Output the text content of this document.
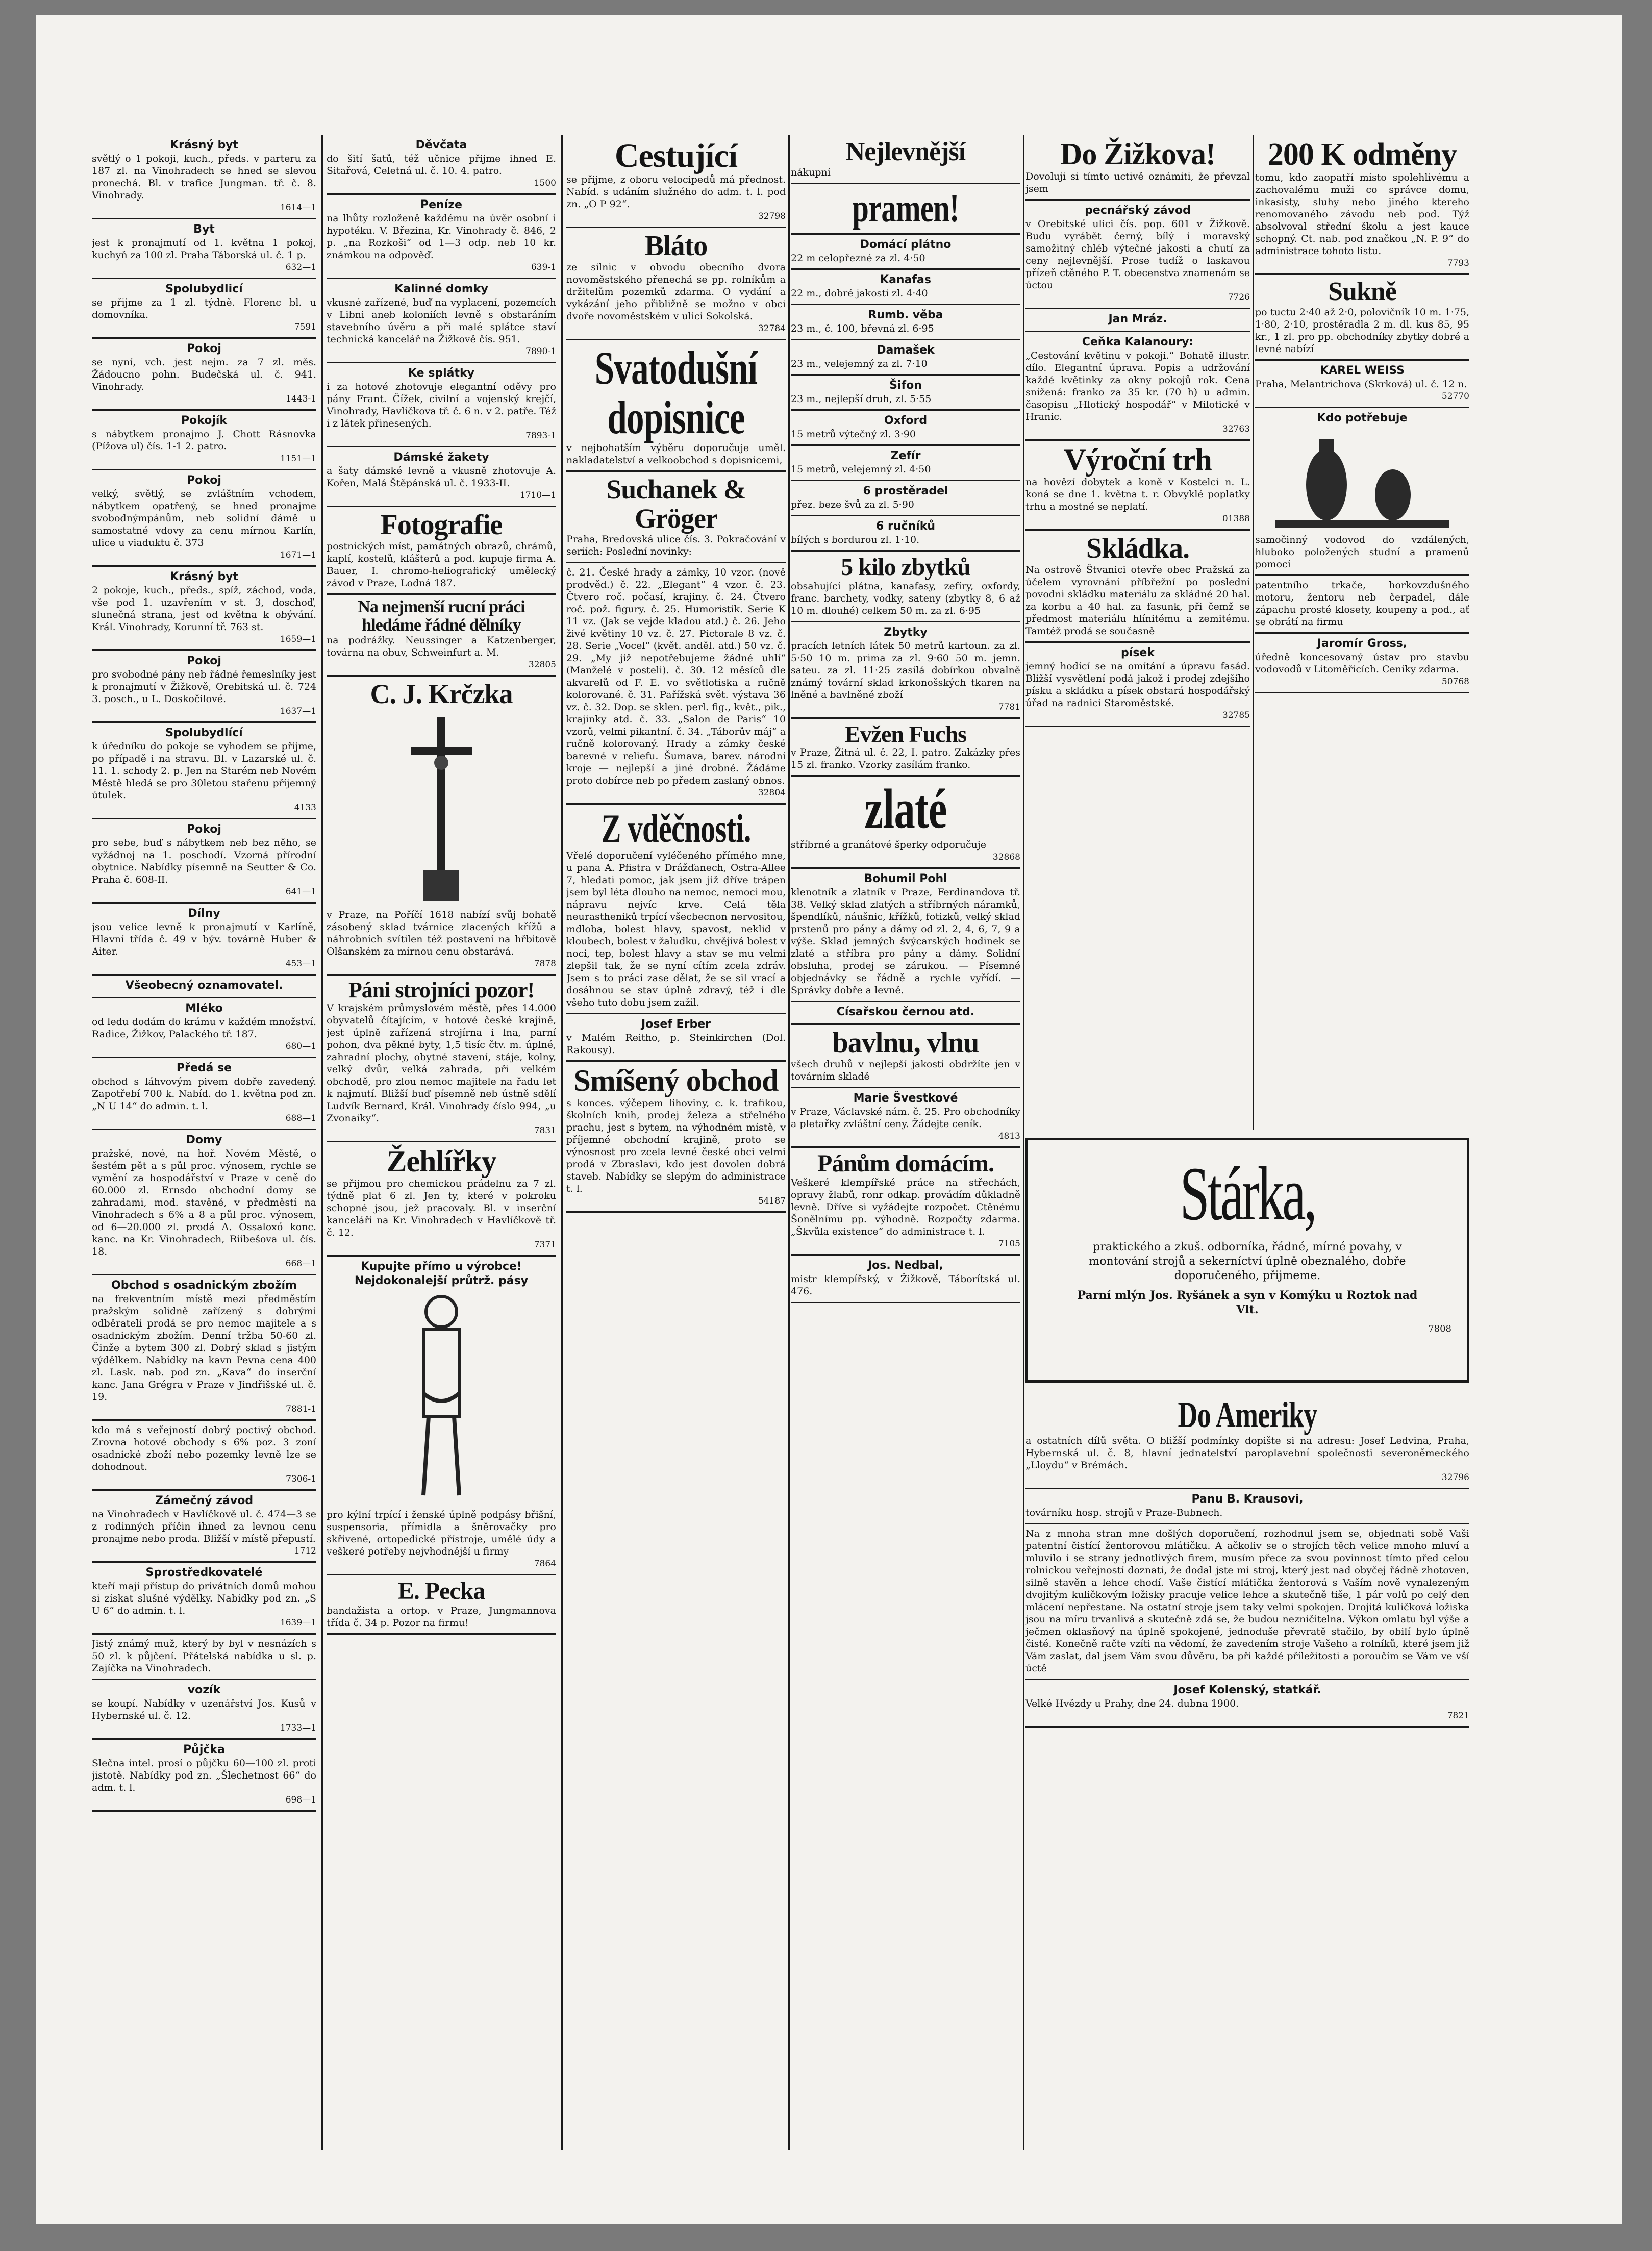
Krásný byt

světlý o 1 pokoji, kuch., předs. v parteru za 187 zl. na Vinohradech se hned se slevou pronechá. Bl. v trafice Jungman. tř. č. 8. Vinohrady.

1614—1
Byt

jest k pronajmutí od 1. května 1 pokoj, kuchyň za 100 zl. Praha Táborská ul. č. 1 p.

632—1
Spolubydlicí

se přijme za 1 zl. týdně. Florenc bl. u domovníka.

7591
Pokoj

se nyní, vch. jest nejm. za 7 zl. měs. Žádoucno pohn. Budečská ul. č. 941. Vinohrady.

1443-1
Pokojík

s nábytkem pronajmo J. Chott Rásnovka (Pížova ul) čís. 1-1 2. patro.

1151—1
Pokoj

velký, světlý, se zvláštním vchodem, nábytkem opatřený, se hned pronajme svobodnýmpánům, neb solidní dámě u samostatné vdovy za cenu mírnou Karlín, ulice u viaduktu č. 373

1671—1
Krásný byt

2 pokoje, kuch., předs., spíž, záchod, voda, vše pod 1. uzavřením v st. 3, doschoď, slunečná strana, jest od května k obývání. Král. Vinohrady, Korunní tř. 763 st.

1659—1
Pokoj

pro svobodné pány neb řádné řemeslníky jest k pronajmutí v Žižkově, Orebitská ul. č. 724 3. posch., u L. Doskočilové.

1637—1
Spolubydlící

k úředníku do pokoje se vyhodem se přijme, po případě i na stravu. Bl. v Lazarské ul. č. 11. 1. schody 2. p. Jen na Starém neb Novém Městě hledá se pro 30letou stařenu příjemný útulek.

4133
Pokoj

pro sebe, buď s nábytkem neb bez něho, se vyžádnoj na 1. poschodí. Vzorná přírodní obytnice. Nabídky písemně na Seutter & Co. Praha č. 608-II.

641—1
Dílny

jsou velice levně k pronajmutí v Karlíně, Hlavní třída č. 49 v býv. továrně Huber & Aiter.

453—1
Všeobecný oznamovatel.
Mléko

od ledu dodám do krámu v každém množství. Radice, Žižkov, Palackého tř. 187.

680—1
Předá se

obchod s láhvovým pivem dobře zavedený. Zapotřebí 700 k. Nabíd. do 1. května pod zn. „N U 14“ do admin. t. l.

688—1
Domy

pražské, nové, na hoř. Novém Městě, o šestém pět a s půl proc. výnosem, rychle se vymění za hospodářství v Praze v ceně do 60.000 zl. Ernsdo obchodní domy se zahradami, mod. stavěné, v předměstí na Vinohradech s 6% a 8 a půl proc. výnosem, od 6—20.000 zl. prodá A. Ossaloxó konc. kanc. na Kr. Vinohradech, Riibešova ul. čís. 18.

668—1
Obchod s osadnickým zbožím

na frekventním místě mezi předměstím pražským solidně zařízený s dobrými odběrateli prodá se pro nemoc majitele a s osadnickým zbožím. Denní tržba 50-60 zl. Činže a bytem 300 zl. Dobrý sklad s jistým výdělkem. Nabídky na kavn Pevna cena 400 zl. Lask. nab. pod zn. „Kava“ do inserční kanc. Jana Grégra v Praze v Jindřišské ul. č. 19.

7881-1

kdo má s veřejností dobrý poctivý obchod. Zrovna hotové obchody s 6% poz. 3 zoní osadnické zboží nebo pozemky levně lze se dohodnout.

7306-1
Zámečný závod

na Vinohradech v Havlíčkově ul. č. 474—3 se z rodinných příčin ihned za levnou cenu pronajme nebo proda. Bližší v místě přepustí.

1712
Sprostředkovatelé

kteří mají přístup do privátních domů mohou si získat slušné výdělky. Nabídky pod zn. „S U 6“ do admin. t. l.

1639—1

Jistý známý muž, který by byl v nesnázích s 50 zl. k půjčení. Přátelská nabídka u sl. p. Zajíčka na Vinohradech.

vozík

se koupí. Nabídky v uzenářství Jos. Kusů v Hybernské ul. č. 12.

1733—1
Půjčka

Slečna intel. prosí o půjčku 60—100 zl. proti jistotě. Nabídky pod zn. „Šlechetnost 66“ do adm. t. l.

698—1
Děvčata

do šití šatů, též učnice přijme ihned E. Sitařová, Celetná ul. č. 10. 4. patro.

1500
Peníze

na lhůty rozloženě každému na úvěr osobní i hypotéku. V. Březina, Kr. Vinohrady č. 846, 2 p. „na Rozkoši“ od 1—3 odp. neb 10 kr. známkou na odpověď.

639-1
Kalinné domky

vkusné zařízené, buď na vyplacení, pozemcích v Libni aneb koloniích levně s obstaráním stavebního úvěru a při malé splátce staví technická kancelář na Žižkově čís. 951.

7890-1
Ke splátky

i za hotové zhotovuje elegantní oděvy pro pány Frant. Čížek, civilní a vojenský krejčí, Vinohrady, Havlíčkova tř. č. 6 n. v 2. patře. Též i z látek přinesených.

7893-1
Dámské žakety

a šaty dámské levně a vkusně zhotovuje A. Kořen, Malá Štěpánská ul. č. 1933-II.

1710—1
Fotografie

postnických míst, památných obrazů, chrámů, kaplí, kostelů, klášterů a pod. kupuje firma A. Bauer, I. chromo-heliografický umělecký závod v Praze, Lodná 187.

Na nejmenší rucní práci hledáme řádné dělníky

na podrážky. Neussinger a Katzenberger, továrna na obuv, Schweinfurt a. M.

32805
C. J. Krčzka

v Praze, na Poříčí 1618 nabízí svůj bohatě zásobený sklad tvárnice zlacených křížů a náhrobních svítilen též postavení na hřbitově Olšanském za mírnou cenu obstarává.

7878
Páni strojníci pozor!

V krajském průmyslovém městě, přes 14.000 obyvatelů čítajícím, v hotové české krajině, jest úplně zařízená strojírna i lna, parní pohon, dva pěkné byty, 1,5 tisíc čtv. m. úplné, zahradní plochy, obytné stavení, stáje, kolny, velký dvůr, velká zahrada, při velkém obchodě, pro zlou nemoc majitele na řadu let k najmutí. Bližší buď písemně neb ústně sdělí Ludvík Bernard, Král. Vinohrady číslo 994, „u Zvonaiky“.

7831
Žehlířky

se přijmou pro chemickou prádelnu za 7 zl. týdně plat 6 zl. Jen ty, které v pokroku schopné jsou, jež pracovaly. Bl. v inserční kanceláři na Kr. Vinohradech v Havlíčkově tř. č. 12.

7371
Kupujte přímo u výrobce! Nejdokonalejší průtrž. pásy

pro kýlní trpící i ženské úplně podpásy břišní, suspensoria, přímidla a šněrovačky pro skřivené, ortopedické přístroje, umělé údy a veškeré potřeby nejvhodnější u firmy

7864
E. Pecka

bandažista a ortop. v Praze, Jungmannova třída č. 34 p. Pozor na firmu!

Cestující

se přijme, z oboru velocipedů má přednost. Nabíd. s udáním služného do adm. t. l. pod zn. „O P 92“.

32798
Bláto

ze silnic v obvodu obecního dvora novoměstského přenechá se pp. rolníkům a držitelům pozemků zdarma. O vydání a vykázání jeho přibližně se možno v obci dvoře novoměstském v ulici Sokolská.

32784
Svatodušní dopisnice

v nejbohatším výběru doporučuje uměl. nakladatelství a velkoobchod s dopisnicemi,

Suchanek & Gröger

Praha, Bredovská ulice čís. 3. Pokračování v seriích: Poslední novinky:

č. 21. České hrady a zámky, 10 vzor. (nově prodvěd.) č. 22. „Elegant“ 4 vzor. č. 23. Čtvero roč. počasí, krajiny. č. 24. Čtvero roč. pož. figury. č. 25. Humoristik. Serie K 11 vz. (Jak se vejde kladou atd.) č. 26. Jeho živé květiny 10 vz. č. 27. Pictorale 8 vz. č. 28. Serie „Vocel“ (květ. anděl. atd.) 50 vz. č. 29. „My již nepotřebujeme žádné uhlí“ (Manželé v posteli). č. 30. 12 měsíců dle akvarelů od F. E. vo světlotiska a ručně kolorované. č. 31. Pařížská svět. výstava 36 vz. č. 32. Dop. se sklen. perl. fig., květ., pik., krajinky atd. č. 33. „Salon de Paris“ 10 vzorů, velmi pikantní. č. 34. „Táborův máj“ a ručně kolorovaný. Hrady a zámky české barevné v reliefu. Šumava, barev. národní kroje — nejlepší a jiné drobné. Žádáme proto dobírce neb po předem zaslaný obnos.

32804
Z vděčnosti.

Vřelé doporučení vyléčeného přímého mne, u pana A. Pfistra v Drážďanech, Ostra-Allee 7, hledati pomoc, jak jsem již dříve trápen jsem byl léta dlouho na nemoc, nemoci mou, nápravu nejvíc krve. Celá těla neurastheniků trpící všecbecnon nervositou, mdloba, bolest hlavy, spavost, neklid v kloubech, bolest v žaludku, chvějivá bolest v noci, tep, bolest hlavy a stav se mu velmi zlepšil tak, že se nyní cítím zcela zdráv. Jsem s to práci zase dělat, že se sil vrací a dosáhnou se stav úplně zdravý, též i dle všeho tuto dobu jsem zažil.

Josef Erber

v Malém Reitho, p. Steinkirchen (Dol. Rakousy).

Smíšený obchod

s konces. výčepem lihoviny, c. k. trafikou, školních knih, prodej železa a střelného prachu, jest s bytem, na výhodném místě, v příjemné obchodní krajině, proto se výnosnost pro zcela levné české obci velmi prodá v Zbraslavi, kdo jest dovolen dobrá staveb. Nabídky se slepým do administrace t. l.

54187
Nejlevnější

nákupní

pramen!
Domácí plátno

22 m celopřezné za zl. 4·50

Kanafas

22 m., dobré jakosti zl. 4·40

Rumb. věba

23 m., č. 100, břevná zl. 6·95

Damašek

23 m., velejemný za zl. 7·10

Šifon

23 m., nejlepší druh, zl. 5·55

Oxford

15 metrů výtečný zl. 3·90

Zefír

15 metrů, velejemný zl. 4·50

6 prostěradel

přez. beze švů za zl. 5·90

6 ručníků

bílých s bordurou zl. 1·10.

5 kilo zbytků

obsahující plátna, kanafasy, zefíry, oxfordy, franc. barchety, vodky, sateny (zbytky 8, 6 až 10 m. dlouhé) celkem 50 m. za zl. 6·95

Zbytky

pracích letních látek 50 metrů kartoun. za zl. 5·50 10 m. prima za zl. 9·60 50 m. jemn. sateu. za zl. 11·25 zasílá dobírkou obvalně známý tovární sklad krkonošských tkaren na lněné a bavlněné zboží

7781
Evžen Fuchs

v Praze, Žitná ul. č. 22, I. patro. Zakázky přes 15 zl. franko. Vzorky zasílám franko.

zlaté

stříbrné a granátové šperky odporučuje

32868
Bohumil Pohl

klenotník a zlatník v Praze, Ferdinandova tř. 38. Velký sklad zlatých a stříbrných náramků, špendlíků, náušnic, křížků, fotizků, velký sklad prstenů pro pány a dámy od zl. 2, 4, 6, 7, 9 a výše. Sklad jemných švýcarských hodinek se zlaté a stříbra pro pány a dámy. Solidní obsluha, prodej se zárukou. — Písemné objednávky se řádně a rychle vyřídí. — Správky dobře a levně.

Císařskou černou atd.
bavlnu, vlnu

všech druhů v nejlepší jakosti obdržíte jen v továrním skladě

Marie Švestkové

v Praze, Václavské nám. č. 25. Pro obchodníky a pletařky zvláštní ceny. Žádejte ceník.

4813
Pánům domácím.

Veškeré klempířské práce na střechách, opravy žlabů, ronr odkap. provádím důkladně levně. Dříve si vyžádejte rozpočet. Ctěnému Šonělnímu pp. výhodně. Rozpočty zdarma. „Škvůla existence“ do administrace t. l.

7105
Jos. Nedbal,

mistr klempířský, v Žižkově, Táborítská ul. 476.

Do Žižkova!

Dovoluji si tímto uctivě oznámiti, že převzal jsem

pecnářský závod

v Orebitské ulici čís. pop. 601 v Žižkově. Budu vyrábět černý, bílý i moravský samožitný chléb výtečné jakosti a chutí za ceny nejlevnější. Prose tudíž o laskavou přízeň ctěného P. T. obecenstva znamenám se úctou

7726
Jan Mráz.
Ceňka Kalanoury:

„Cestování květinu v pokoji.“ Bohatě illustr. dílo. Elegantní úprava. Popis a udržování každé květinky za okny pokojů rok. Cena snížená: franko za 35 kr. (70 h) u admin. časopisu „Hlotický hospodář“ v Milotické v Hranic.

32763
Výroční trh

na hovězí dobytek a koně v Kostelci n. L. koná se dne 1. května t. r. Obvyklé poplatky trhu a mostné se neplatí.

01388
Skládka.

Na ostrově Štvanici otevře obec Pražská za účelem vyrovnání příbřežní po poslední povodni skládku materiálu za skládné 20 hal. za korbu a 40 hal. za fasunk, při čemž se předmost materiálu hlínitému a zemitému. Tamtéž prodá se současně

písek

jemný hodící se na omítání a úpravu fasád. Bližší vysvětlení podá jakož i prodej zdejšího písku a skládku a písek obstará hospodářský úřad na radnici Staroměstské.

32785
200 K odměny

tomu, kdo zaopatří místo spolehlivému a zachovalému muži co správce domu, inkasisty, sluhy nebo jiného ktereho renomovaného závodu neb pod. Týž absolvoval střední školu a jest kauce schopný. Ct. nab. pod značkou „N. P. 9“ do administrace tohoto listu.

7793
Sukně

po tuctu 2·40 až 2·0, polovičník 10 m. 1·75, 1·80, 2·10, prostěradla 2 m. dl. kus 85, 95 kr., 1 zl. pro pp. obchodníky zbytky dobré a levné nabízí

KAREL WEISS

Praha, Melantrichova (Skrková) ul. č. 12 n.

52770
Kdo potřebuje

samočinný vodovod do vzdálených, hluboko položených studní a pramenů pomocí

patentního trkače, horkovzdušného motoru, žentoru neb čerpadel, dále zápachu prosté klosety, koupeny a pod., ať se obrátí na firmu

Jaromír Gross,

úředně koncesovaný ústav pro stavbu vodovodů v Litoměřicích. Ceníky zdarma.

50768
Stárka,

praktického a zkuš. odborníka, řádné, mírné povahy, v montování strojů a sekerníctví úplně obeznalého, dobře doporučeného, přijmeme.

Parní mlýn Jos. Ryšánek a syn v Komýku u Roztok nad Vlt.

7808
Do Ameriky

a ostatních dílů světa. O bližší podmínky dopište si na adresu: Josef Ledvina, Praha, Hybernská ul. č. 8, hlavní jednatelství paroplavební společnosti severoněmeckého „Lloydu“ v Brémách.

32796
Panu B. Krausovi,

továrníku hosp. strojů v Praze-Bubnech.

Na z mnoha stran mne došlých doporučení, rozhodnul jsem se, objednati sobě Vaši patentní čistící žentorovou mlátičku. A ačkoliv se o strojích těch velice mnoho mluví a mluvilo i se strany jednotlivých firem, musím přece za svou povinnost tímto před celou rolnickou veřejností doznati, že dodal jste mi stroj, který jest nad obyčej řádně zhotoven, silně stavěn a lehce chodí. Vaše čistící mlátička žentorová s Vaším nově vynalezeným dvojitým kuličkovým ložisky pracuje velice lehce a skutečně tiše, 1 pár volů po celý den mlácení nepřestane. Na ostatní stroje jsem taky velmi spokojen. Drojitá kuličková ložiska jsou na míru trvanlivá a skutečně zdá se, že budou nezničitelna. Výkon omlatu byl výše a ječmen oklasňový na úplně spokojené, jednoduše převratě stačilo, by obilí bylo úplně čisté. Konečně račte vzíti na vědomí, že zavedením stroje Vašeho a rolníků, které jsem již Vám zaslat, dal jsem Vám svou důvěru, ba při každé příležitosti a poroučím se Vám ve vší úctě

Josef Kolenský, statkář.

Velké Hvězdy u Prahy, dne 24. dubna 1900.

7821
